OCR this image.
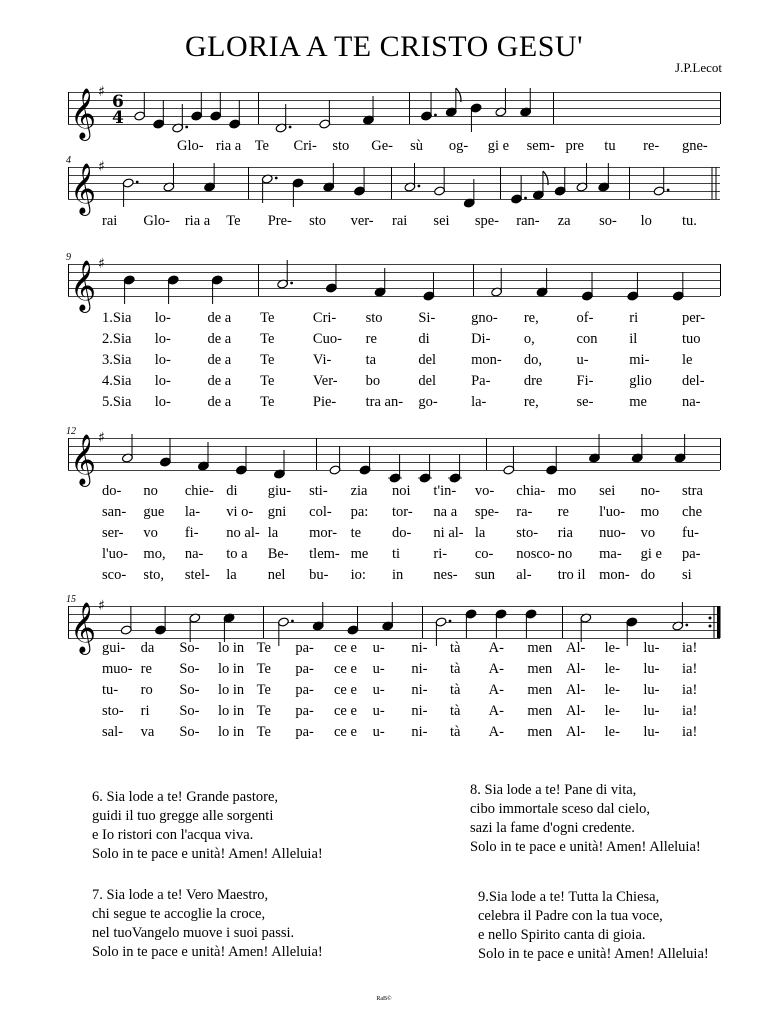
GLORIA A TE CRISTO GESU'
J.P.Lecot
𝄞 ♯ 6
4
Glo- ria a Te Cri- sto Ge- sù og- gi e sem- pre tu re- gne-
𝄞 ♯
4
rai Glo- ria a Te Pre- sto ver- rai sei spe- ran- za so- lo tu.
𝄞 ♯
9
1.Sia lo-	de a Te	Cri- sto Si- gno- re,	of- ri	per-
2.Sia lo-	de a Te	Cuo- re	di	Di- o,	con il	tuo
3.Sia lo-	de a Te	Vi- ta	del mon- do, u-	mi- le
4.Sia lo-	de a Te	Ver- bo	del Pa- dre Fi- glio del-
5.Sia lo-	de a Te	Pie- tra an- go- la-	re,	se- me na-
𝄞 ♯
12
do- no chie- di giu- sti- zia noi t'in- vo- chia- mo sei no- stra
san- gue la- vi o- gni col- pa: tor- na a spe- ra- re l'uo- mo che
ser- vo fi- no al- la mor- te do- ni al- la sto- ria nuo- vo fu-
l'uo- mo, na- to a Be- tlem- me ti ri- co- nosco- no ma- gi e pa-
sco- sto, stel- la nel bu- io: in nes- sun al- tro il mon- do si
𝄞 ♯
15
gui- da So- lo in Te pa- ce e u- ni- tà A- men Al- le- lu- ia!
muo- re So- lo in Te pa- ce e u- ni- tà A- men Al- le- lu- ia!
tu- ro So- lo in Te pa- ce e u- ni- tà A- men Al- le- lu- ia!
sto- ri So- lo in Te pa- ce e u- ni- tà A- men Al- le- lu- ia!
sal- va So- lo in Te pa- ce e u- ni- tà A- men Al- le- lu- ia!
6. Sia lode a te! Grande pastore,
guidi il tuo gregge alle sorgenti
e Io ristori con l'acqua viva.
Solo in te pace e unità! Amen! Alleluia!
8. Sia lode a te! Pane di vita,
cibo immortale sceso dal cielo,
sazi la fame d'ogni credente.
Solo in te pace e unità! Amen! Alleluia!
7. Sia lode a te! Vero Maestro,
chi segue te accoglie la croce,
nel tuoVangelo muove i suoi passi.
Solo in te pace e unità! Amen! Alleluia!
9.Sia lode a te! Tutta la Chiesa,
celebra il Padre con la tua voce,
e nello Spirito canta di gioia.
Solo in te pace e unità! Amen! Alleluia!
RaB©
